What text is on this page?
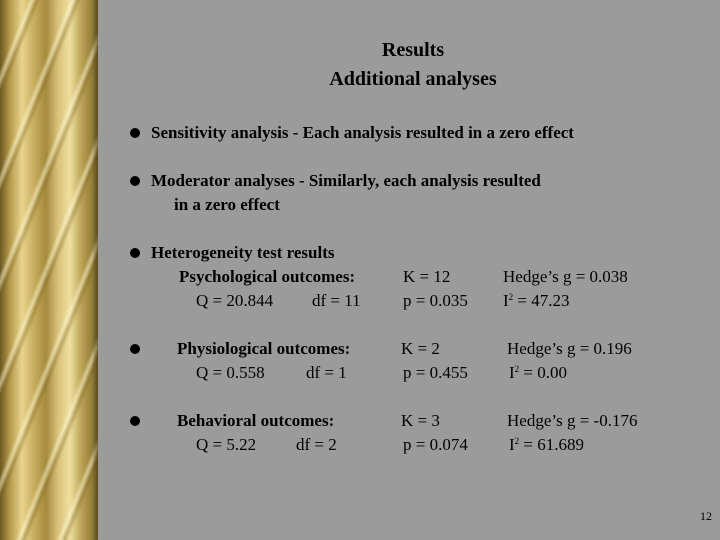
Results
Additional analyses
Sensitivity analysis - Each analysis resulted in a zero effect
Moderator analyses - Similarly, each analysis resulted
in a zero effect
Heterogeneity test results
Psychological outcomes:
Q = 20.844 df = 11
K = 12
p = 0.035
Hedge’s g = 0.038
$I^2 = 47.23$
Physiological outcomes:
Q = 0.558 df = 1
K = 2
p = 0.455
Hedge’s g = 0.196
$I^2 = 0.00$
Behavioral outcomes:
Q = 5.22 df = 2
K = 3
p = 0.074
Hedge’s g = -0.176
$I^2 = 61.689$
12
